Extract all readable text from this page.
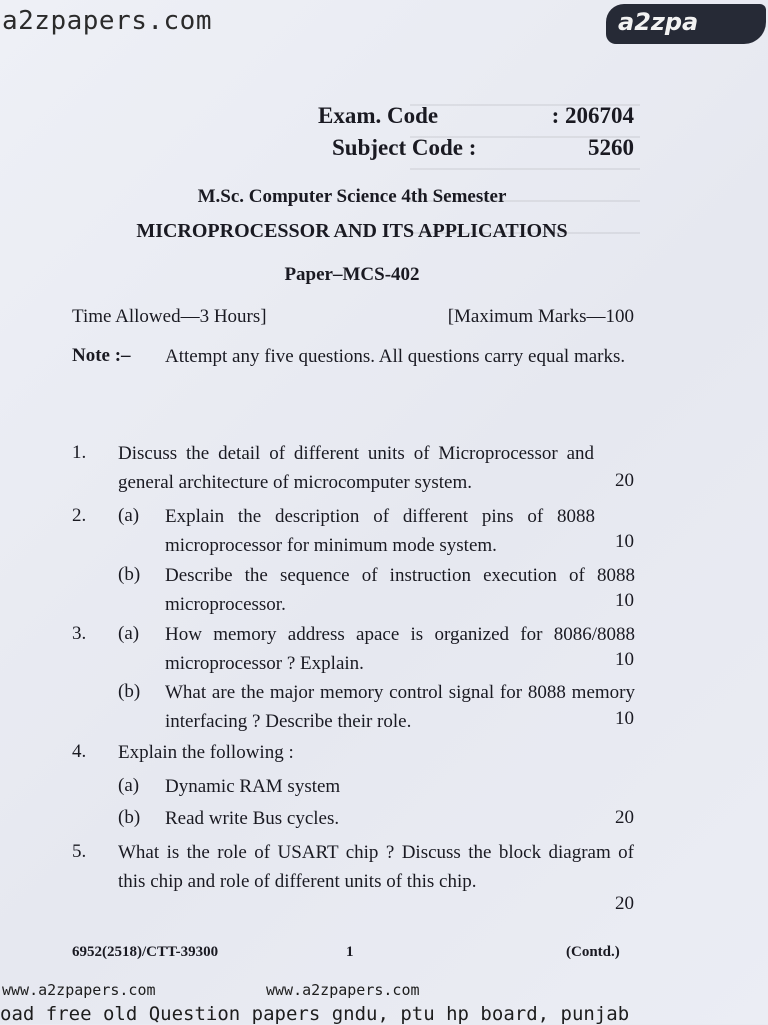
a2zpapers.com	a2zpa
Exam. Code	: 206704
Subject Code :	5260
M.Sc. Computer Science 4th Semester
MICROPROCESSOR AND ITS APPLICATIONS
Paper–MCS-402
Time Allowed—3 Hours]	[Maximum Marks—100
Note :– Attempt any five questions. All questions carry equal marks.
1. Discuss the detail of different units of Microprocessor and general architecture of microcomputer system.	20
2. (a) Explain the description of different pins of 8088 microprocessor for minimum mode system.	10
(b) Describe the sequence of instruction execution of 8088 microprocessor.	10
3. (a) How memory address apace is organized for 8086/8088 microprocessor ? Explain.	10
(b) What are the major memory control signal for 8088 memory interfacing ? Describe their role.	10
4. Explain the following :
(a) Dynamic RAM system
(b) Read write Bus cycles.	20
5. What is the role of USART chip ? Discuss the block diagram of this chip and role of different units of this chip.
20
6952(2518)/CTT-39300	1	(Contd.)
www.a2zpapers.com	www.a2zpapers.com
oad free old Question papers gndu, ptu hp board, punjab
